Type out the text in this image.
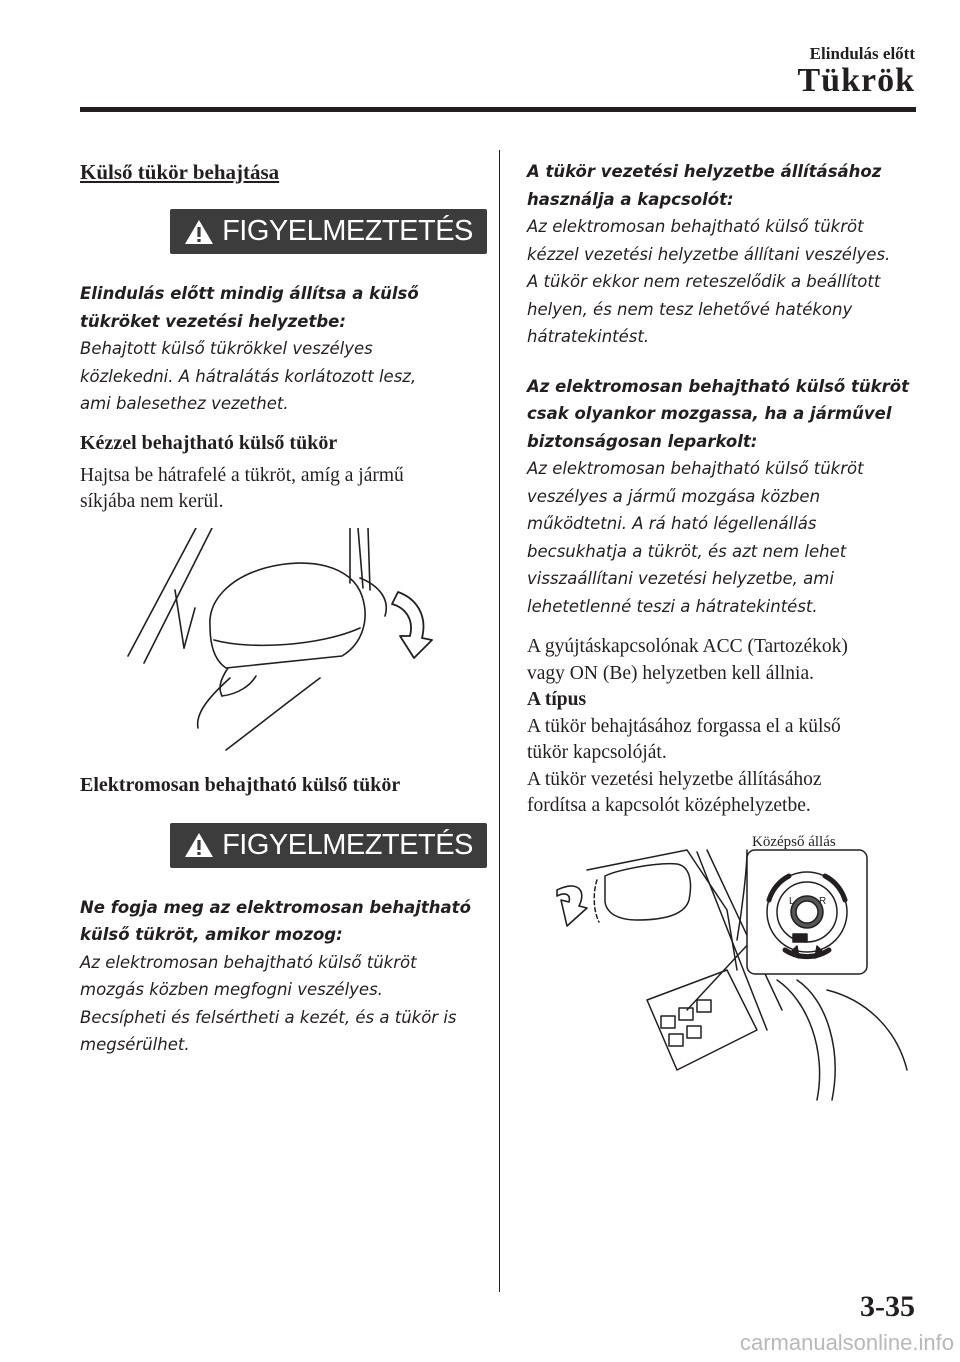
Elindulás előtt
Tükrök
Külső tükör behajtása
FIGYELMEZTETÉS
Elindulás előtt mindig állítsa a külső
tükröket vezetési helyzetbe:
Behajtott külső tükrökkel veszélyes
közlekedni. A hátralátás korlátozott lesz,
ami balesethez vezethet.
Kézzel behajtható külső tükör
Hajtsa be hátrafelé a tükröt, amíg a jármű
síkjába nem kerül.
Elektromosan behajtható külső tükör
FIGYELMEZTETÉS
Ne fogja meg az elektromosan behajtható
külső tükröt, amikor mozog:
Az elektromosan behajtható külső tükröt
mozgás közben megfogni veszélyes.
Becsípheti és felsértheti a kezét, és a tükör is
megsérülhet.
A tükör vezetési helyzetbe állításához
használja a kapcsolót:
Az elektromosan behajtható külső tükröt
kézzel vezetési helyzetbe állítani veszélyes.
A tükör ekkor nem reteszelődik a beállított
helyen, és nem tesz lehetővé hatékony
hátratekintést.
Az elektromosan behajtható külső tükröt
csak olyankor mozgassa, ha a járművel
biztonságosan leparkolt:
Az elektromosan behajtható külső tükröt
veszélyes a jármű mozgása közben
működtetni. A rá ható légellenállás
becsukhatja a tükröt, és azt nem lehet
visszaállítani vezetési helyzetbe, ami
lehetetlenné teszi a hátratekintést.
A gyújtáskapcsolónak ACC (Tartozékok)
vagy ON (Be) helyzetben kell állnia.
A típus
A tükör behajtásához forgassa el a külső
tükör kapcsolóját.
A tükör vezetési helyzetbe állításához
fordítsa a kapcsolót középhelyzetbe.
L R
Középső állás
3-35
carmanualsonline.info
